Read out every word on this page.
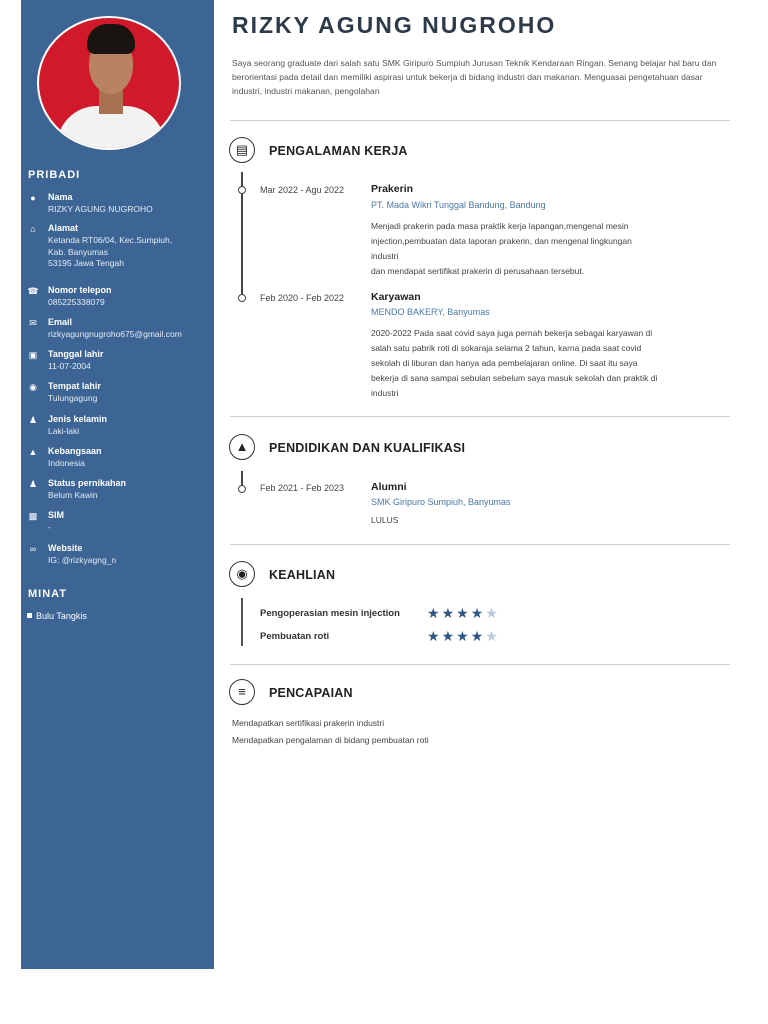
PRIBADI
●	Nama
RIZKY AGUNG NUGROHO
⌂	Alamat
Ketanda RT06/04, Kec.Sumpiuh,
Kab. Banyumas
53195 Jawa Tengah
☎ Nomor telepon
085225338079
✉ Email
rizkyagungnugroho675@gmail.com
▣ Tanggal lahir
11-07-2004
◉ Tempat lahir
Tulungagung
♟ Jenis kelamin
Laki-laki
▲ Kebangsaan
Indonesia
♟ Status pernikahan
Belum Kawin
▩ SIM
-
∞	Website
IG: @rizkyagng_n
MINAT
Bulu Tangkis
RIZKY AGUNG NUGROHO
Saya seorang graduate dari salah satu SMK Giripuro Sumpiuh Jurusan Teknik Kendaraan Ringan. Senang belajar hal baru dan berorientasi pada detail dan memiliki aspirasi untuk bekerja di bidang industri dan makanan. Menguasai pengetahuan dasar industri, industri makanan, pengolahan
▤	PENGALAMAN KERJA
Mar 2022 - Agu 2022	Prakerin
PT. Mada Wikri Tunggal Bandung, Bandung
Menjadi prakerin pada masa praktik kerja lapangan,mengenal mesin
injection,pembuatan data laporan prakerin, dan mengenal lingkungan
industri
dan mendapat sertifikat prakerin di perusahaan tersebut.
Feb 2020 - Feb 2022	Karyawan
MENDO BAKERY, Banyumas
2020-2022 Pada saat covid saya juga pernah bekerja sebagai karyawan di
salah satu pabrik roti di sokaraja selama 2 tahun, karna pada saat covid
sekolah di liburan dan hanya ada pembelajaran online. Di saat itu saya
bekerja di sana sampai sebulan sebelum saya masuk sekolah dan praktik di
industri
▲	PENDIDIKAN DAN KUALIFIKASI
Feb 2021 - Feb 2023	Alumni
SMK Giripuro Sumpiuh, Banyumas
LULUS
◉	KEAHLIAN
Pengoperasian mesin injection ★★★★★
Pembuatan roti	★★★★★
≡	PENCAPAIAN
Mendapatkan sertifikasi prakerin industri
Mendapatkan pengalaman di bidang pembuatan roti
